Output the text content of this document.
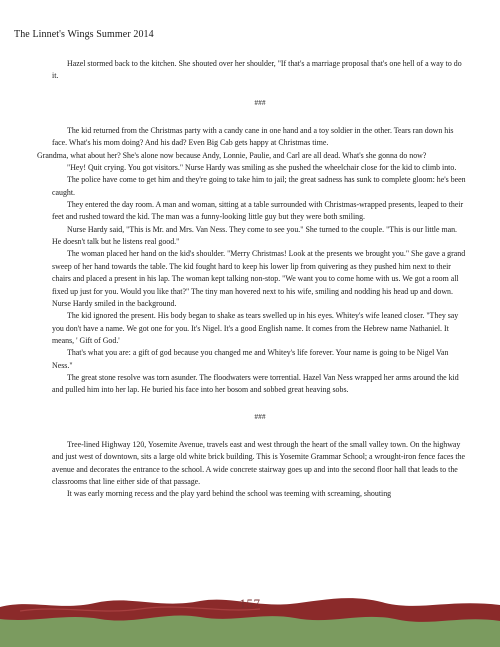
The Linnet's Wings Summer 2014

Hazel stormed back to the kitchen. She shouted over her shoulder, "If that's a marriage proposal that's one hell of a way to do it.

###

The kid returned from the Christmas party with a candy cane in one hand and a toy soldier in the other. Tears ran down his face. What's his mom doing? And his dad? Even Big Cab gets happy at Christmas time.

Grandma, what about her? She's alone now because Andy, Lonnie, Paulie, and Carl are all dead. What's she gonna do now?

"Hey! Quit crying. You got visitors." Nurse Hardy was smiling as she pushed the wheelchair close for the kid to climb into.

The police have come to get him and they're going to take him to jail; the great sadness has sunk to complete gloom: he's been caught.

They entered the day room. A man and woman, sitting at a table surrounded with Christmas-wrapped presents, leaped to their feet and rushed toward the kid. The man was a funny-looking little guy but they were both smiling.

Nurse Hardy said, "This is Mr. and Mrs. Van Ness. They come to see you." She turned to the couple. "This is our little man. He doesn't talk but he listens real good."

The woman placed her hand on the kid's shoulder. "Merry Christmas! Look at the presents we brought you." She gave a grand sweep of her hand towards the table. The kid fought hard to keep his lower lip from quivering as they pushed him next to their chairs and placed a present in his lap. The woman kept talking non-stop. "We want you to come home with us. We got a room all fixed up just for you. Would you like that?" The tiny man hovered next to his wife, smiling and nodding his head up and down. Nurse Hardy smiled in the background.

The kid ignored the present. His body began to shake as tears swelled up in his eyes. Whitey's wife leaned closer. "They say you don't have a name. We got one for you. It's Nigel. It's a good English name. It comes from the Hebrew name Nathaniel. It means, ' Gift of God.'

That's what you are: a gift of god because you changed me and Whitey's life forever. Your name is going to be Nigel Van Ness."

The great stone resolve was torn asunder. The floodwaters were torrential. Hazel Van Ness wrapped her arms around the kid and pulled him into her lap. He buried his face into her bosom and sobbed great heaving sobs.

###

Tree-lined Highway 120, Yosemite Avenue, travels east and west through the heart of the small valley town. On the highway and just west of downtown, sits a large old white brick building. This is Yosemite Grammar School; a wrought-iron fence faces the avenue and decorates the entrance to the school. A wide concrete stairway goes up and into the second floor hall that leads to the classrooms that line either side of that passage.

It was early morning recess and the play yard behind the school was teeming with screaming, shouting

157
